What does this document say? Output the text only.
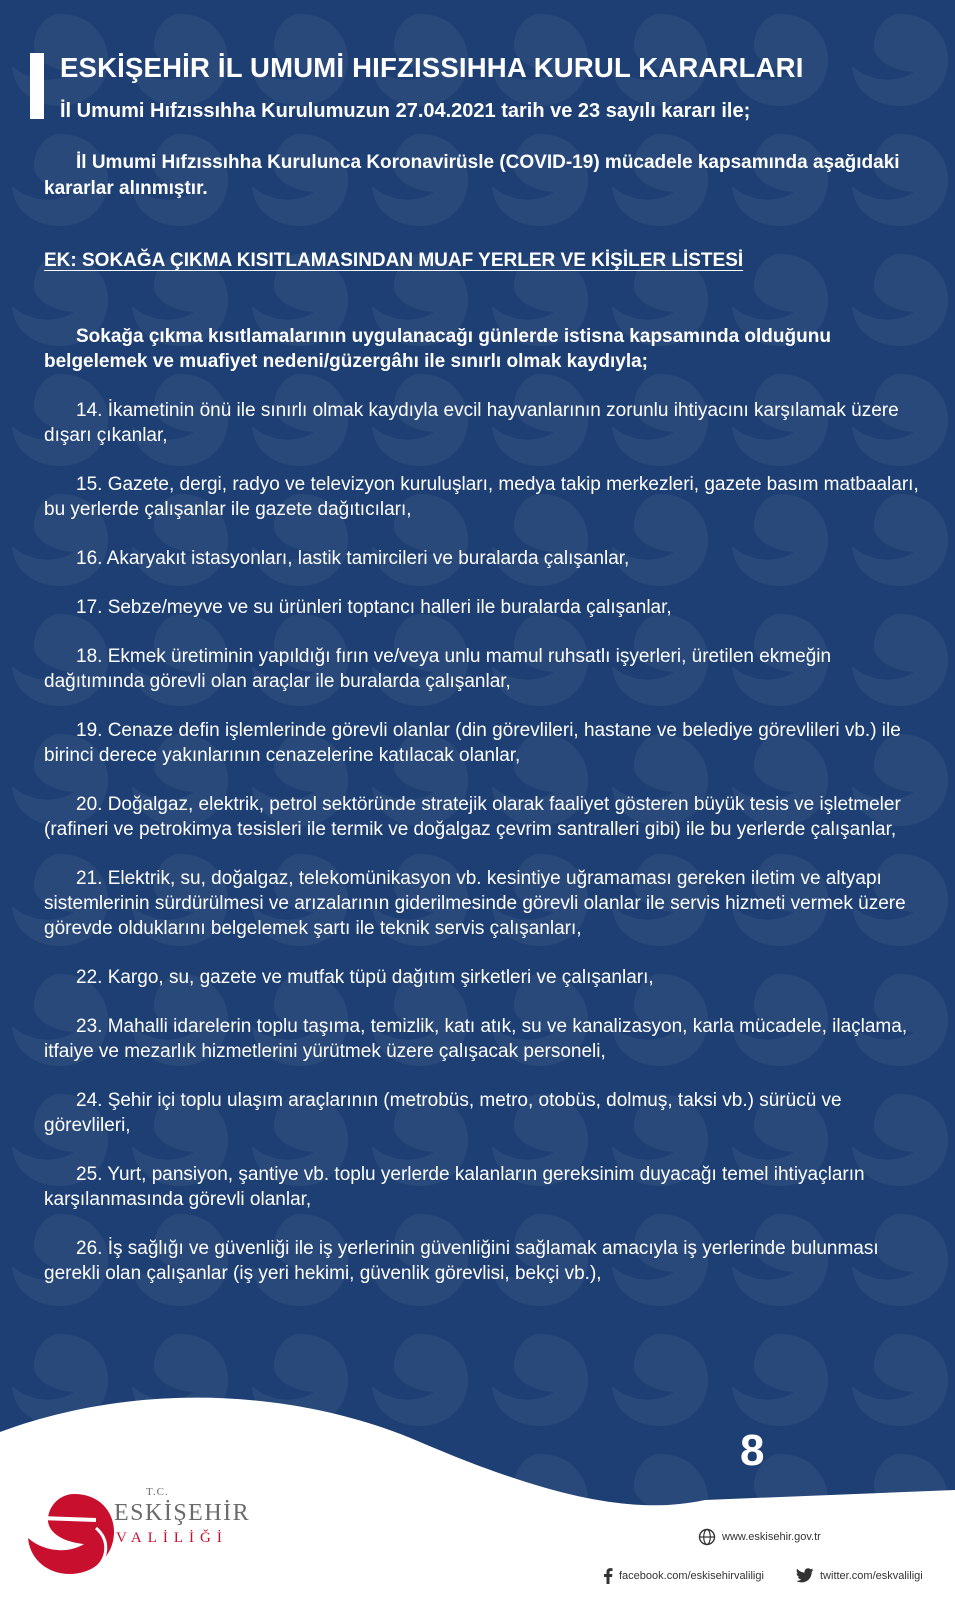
ESKİŞEHİR İL UMUMİ HIFZISSIHHA KURUL KARARLARI

İl Umumi Hıfzıssıhha Kurulumuzun 27.04.2021 tarih ve 23 sayılı kararı ile;

İl Umumi Hıfzıssıhha Kurulunca Koronavirüsle (COVID-19) mücadele kapsamında aşağıdaki kararlar alınmıştır.

EK: SOKAĞA ÇIKMA KISITLAMASINDAN MUAF YERLER VE KİŞİLER LİSTESİ

Sokağa çıkma kısıtlamalarının uygulanacağı günlerde istisna kapsamında olduğunu belgelemek ve muafiyet nedeni/güzergâhı ile sınırlı olmak kaydıyla;

14. İkametinin önü ile sınırlı olmak kaydıyla evcil hayvanlarının zorunlu ihtiyacını karşılamak üzere dışarı çıkanlar,
15. Gazete, dergi, radyo ve televizyon kuruluşları, medya takip merkezleri, gazete basım matbaaları, bu yerlerde çalışanlar ile gazete dağıtıcıları,
16. Akaryakıt istasyonları, lastik tamircileri ve buralarda çalışanlar,
17. Sebze/meyve ve su ürünleri toptancı halleri ile buralarda çalışanlar,
18. Ekmek üretiminin yapıldığı fırın ve/veya unlu mamul ruhsatlı işyerleri, üretilen ekmeğin dağıtımında görevli olan araçlar ile buralarda çalışanlar,
19. Cenaze defin işlemlerinde görevli olanlar (din görevlileri, hastane ve belediye görevlileri vb.) ile birinci derece yakınlarının cenazelerine katılacak olanlar,
20. Doğalgaz, elektrik, petrol sektöründe stratejik olarak faaliyet gösteren büyük tesis ve işletmeler (rafineri ve petrokimya tesisleri ile termik ve doğalgaz çevrim santralleri gibi) ile bu yerlerde çalışanlar,
21. Elektrik, su, doğalgaz, telekomünikasyon vb. kesintiye uğramaması gereken iletim ve altyapı sistemlerinin sürdürülmesi ve arızalarının giderilmesinde görevli olanlar ile servis hizmeti vermek üzere görevde olduklarını belgelemek şartı ile teknik servis çalışanları,
22. Kargo, su, gazete ve mutfak tüpü dağıtım şirketleri ve çalışanları,
23. Mahalli idarelerin toplu taşıma, temizlik, katı atık, su ve kanalizasyon, karla mücadele, ilaçlama, itfaiye ve mezarlık hizmetlerini yürütmek üzere çalışacak personeli,
24. Şehir içi toplu ulaşım araçlarının (metrobüs, metro, otobüs, dolmuş, taksi vb.) sürücü ve görevlileri,
25. Yurt, pansiyon, şantiye vb. toplu yerlerde kalanların gereksinim duyacağı temel ihtiyaçların karşılanmasında görevli olanlar,
26. İş sağlığı ve güvenliği ile iş yerlerinin güvenliğini sağlamak amacıyla iş yerlerinde bulunması gerekli olan çalışanlar (iş yeri hekimi, güvenlik görevlisi, bekçi vb.),
8
T.C.
ESKİŞEHİR
VALİLİĞİ	www.eskisehir.gov.tr
facebook.com/eskisehirvaliligi	twitter.com/eskvaliligi
